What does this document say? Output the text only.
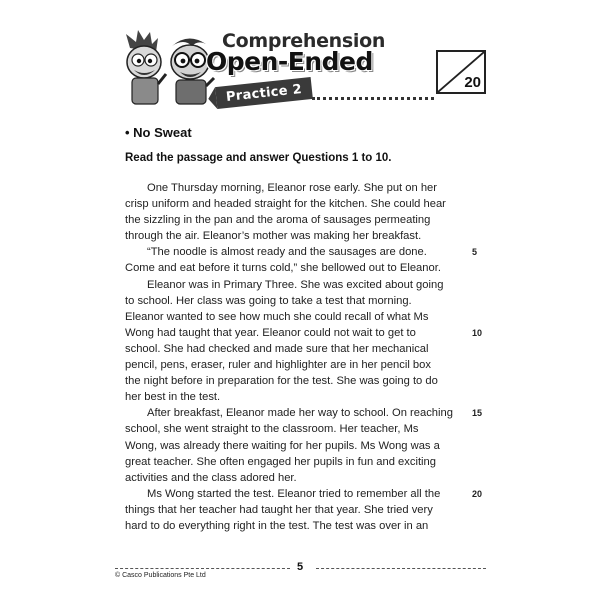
Comprehension
Open-Ended
Practice 2	20
• No Sweat
Read the passage and answer Questions 1 to 10.
One Thursday morning, Eleanor rose early. She put on her
crisp uniform and headed straight for the kitchen. She could hear
the sizzling in the pan and the aroma of sausages permeating
through the air. Eleanor’s mother was making her breakfast.
“The noodle is almost ready and the sausages are done.	5
Come and eat before it turns cold,” she bellowed out to Eleanor.
Eleanor was in Primary Three. She was excited about going
to school. Her class was going to take a test that morning.
Eleanor wanted to see how much she could recall of what Ms
Wong had taught that year. Eleanor could not wait to get to	10
school. She had checked and made sure that her mechanical
pencil, pens, eraser, ruler and highlighter are in her pencil box
the night before in preparation for the test. She was going to do
her best in the test.
After breakfast, Eleanor made her way to school. On reaching 15
school, she went straight to the classroom. Her teacher, Ms
Wong, was already there waiting for her pupils. Ms Wong was a
great teacher. She often engaged her pupils in fun and exciting
activities and the class adored her.
Ms Wong started the test. Eleanor tried to remember all the	20
things that her teacher had taught her that year. She tried very
hard to do everything right in the test. The test was over in an
5
© Casco Publications Pte Ltd
